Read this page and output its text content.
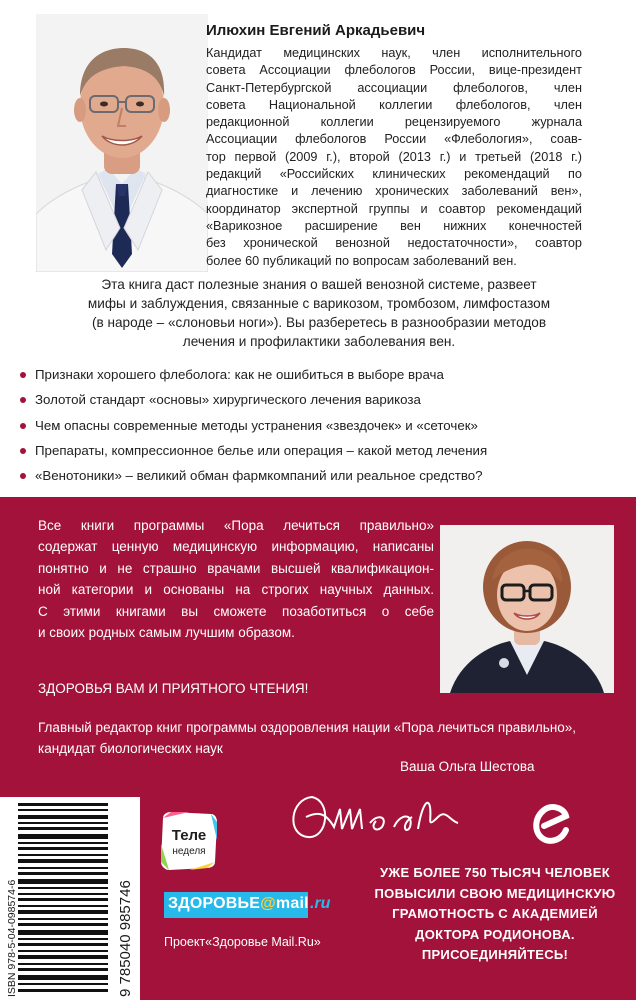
Илюхин Евгений Аркадьевич
Кандидат медицинских наук, член исполнительного
совета Ассоциации флебологов России, вице-президент
Санкт-Петербургской ассоциации флебологов, член
совета Национальной коллегии флебологов, член
редакционной коллегии рецензируемого журнала
Ассоциации флебологов России «Флебология», соав-
тор первой (2009 г.), второй (2013 г.) и третьей (2018 г.)
редакций «Российских клинических рекомендаций по
диагностике и лечению хронических заболеваний вен»,
координатор экспертной группы и соавтор рекомендаций
«Варикозное расширение вен нижних конечностей
без хронической венозной недостаточности», соавтор
более 60 публикаций по вопросам заболеваний вен.
Эта книга даст полезные знания о вашей венозной системе, развеет
мифы и заблуждения, связанные с варикозом, тромбозом, лимфостазом
(в народе – «слоновьи ноги»). Вы разберетесь в разнообразии методов
лечения и профилактики заболевания вен.
Признаки хорошего флеболога: как не ошибиться в выборе врача
Золотой стандарт «основы» хирургического лечения варикоза
Чем опасны современные методы устранения «звездочек» и «сеточек»
Препараты, компрессионное белье или операция – какой метод лечения
«Венотоники» – великий обман фармкомпаний или реальное средство?
Все книги программы «Пора лечиться правильно»
содержат ценную медицинскую информацию, написаны
понятно и не страшно врачами высшей квалификацион-
ной категории и основаны на строгих научных данных.
С этими книгами вы сможете позаботиться о себе
и своих родных самым лучшим образом.
ЗДОРОВЬЯ ВАМ И ПРИЯТНОГО ЧТЕНИЯ!
Главный редактор книг программы оздоровления нации «Пора лечиться правильно», кандидат биологических наук
Ваша Ольга Шестова
Теле
неделя
ISBN 978-5-04-098574-6	9 785040 985746 ЗДОРОВЬЕ@mail .ru
Проект«Здоровье Mail.Ru»
УЖЕ БОЛЕЕ 750 ТЫСЯЧ ЧЕЛОВЕК
ПОВЫСИЛИ СВОЮ МЕДИЦИНСКУЮ
ГРАМОТНОСТЬ С АКАДЕМИЕЙ
ДОКТОРА РОДИОНОВА.
ПРИСОЕДИНЯЙТЕСЬ!
